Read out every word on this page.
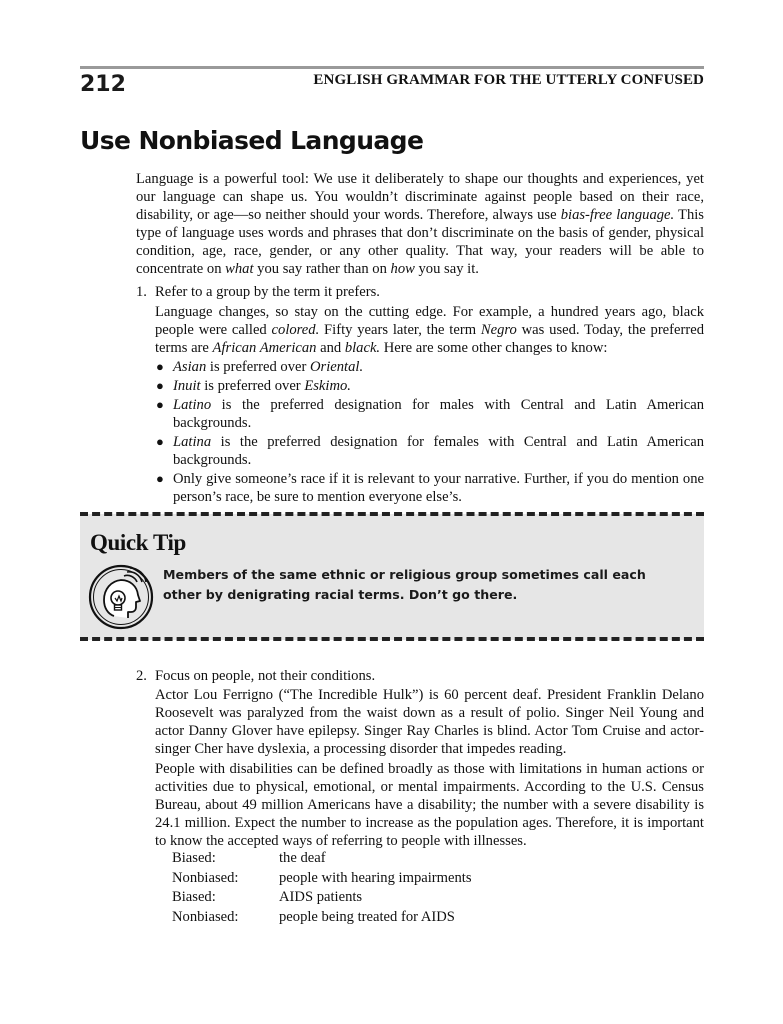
212	ENGLISH GRAMMAR FOR THE UTTERLY CONFUSED
Use Nonbiased Language

Language is a powerful tool: We use it deliberately to shape our thoughts and experiences, yet our language can shape us. You wouldn’t discriminate against people based on their race, disability, or age—so neither should your words. Therefore, always use bias-free language. This type of language uses words and phrases that don’t discriminate on the basis of gender, physical condition, age, race, gender, or any other quality. That way, your readers will be able to concentrate on what you say rather than on how you say it.

1. Refer to a group by the term it prefers.

Language changes, so stay on the cutting edge. For example, a hundred years ago, black people were called colored. Fifty years later, the term Negro was used. Today, the preferred terms are African American and black. Here are some other changes to know:

● Asian is preferred over Oriental.
● Inuit is preferred over Eskimo.
● Latino is the preferred designation for males with Central and Latin American backgrounds.
● Latina is the preferred designation for females with Central and Latin American backgrounds.
● Only give someone’s race if it is relevant to your narrative. Further, if you do mention one person’s race, be sure to mention everyone else’s.
Quick Tip

Members of the same ethnic or religious group sometimes call each other by denigrating racial terms. Don’t go there.

2. Focus on people, not their conditions.

Actor Lou Ferrigno (“The Incredible Hulk”) is 60 percent deaf. President Franklin Delano Roosevelt was paralyzed from the waist down as a result of polio. Singer Neil Young and actor Danny Glover have epilepsy. Singer Ray Charles is blind. Actor Tom Cruise and actor-singer Cher have dyslexia, a processing disorder that impedes reading.

People with disabilities can be defined broadly as those with limitations in human actions or activities due to physical, emotional, or mental impairments. According to the U.S. Census Bureau, about 49 million Americans have a disability; the number with a severe disability is 24.1 million. Expect the number to increase as the population ages. Therefore, it is important to know the accepted ways of referring to people with illnesses.

Biased:	the deaf
Nonbiased:	people with hearing impairments
Biased:	AIDS patients
Nonbiased:	people being treated for AIDS
